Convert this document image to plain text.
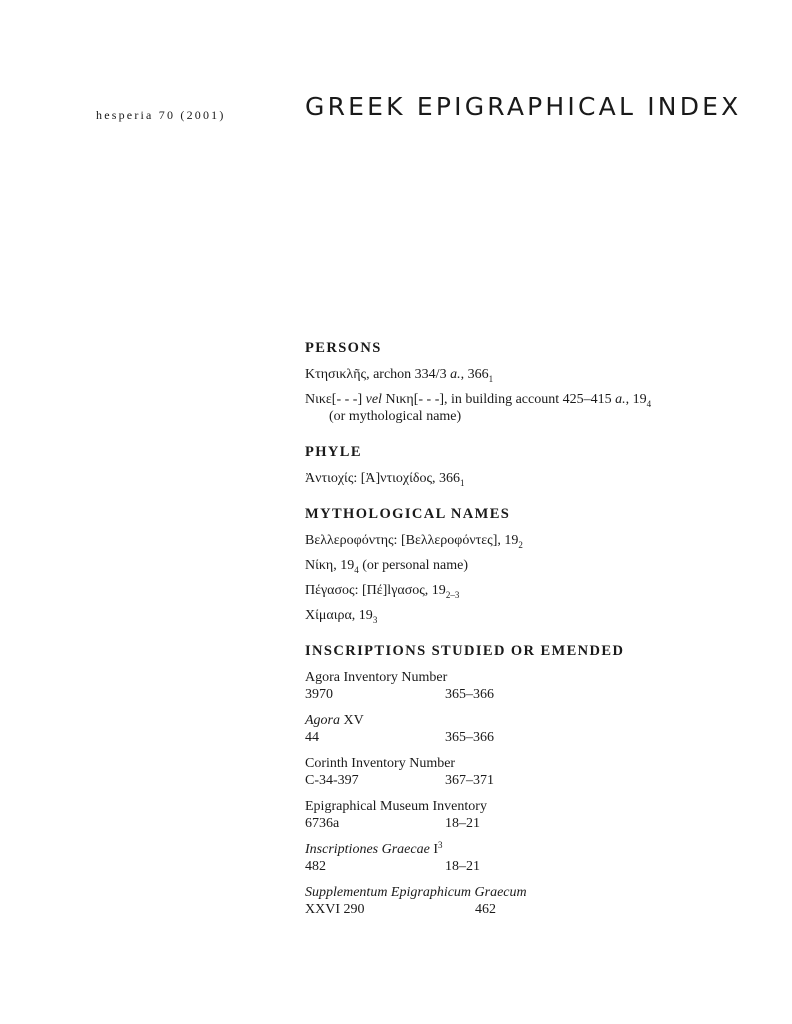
hesperia 70 (2001)	GREEK EPIGRAPHICAL INDEX
PERSONS

Κτησικλῆς, archon 334/3 a., $366_1$

Νικε[- - -] vel Νικη[- - -], in building account 425–415 a., $19_4$
(or mythological name)

PHYLE

Ἀντιοχίς: [Ἀ]ντιοχίδος, $366_1$

MYTHOLOGICAL NAMES

Βελλεροφόντης: [Βελλεροφόντες], $19_2$

Νίκη, $19_4$ (or personal name)

Πέγασος: [Πέ]lγασος, $19_{2-3}$

Χίμαιρα, $19_3$

INSCRIPTIONS STUDIED OR EMENDED
Agora Inventory Number
3970	365–366
Agora XV
44	365–366
Corinth Inventory Number
C-34-397	367–371
Epigraphical Museum Inventory
6736a	18–21
Inscriptiones Graecae $I^3$
482	18–21
Supplementum Epigraphicum Graecum
XXVI 290	462
